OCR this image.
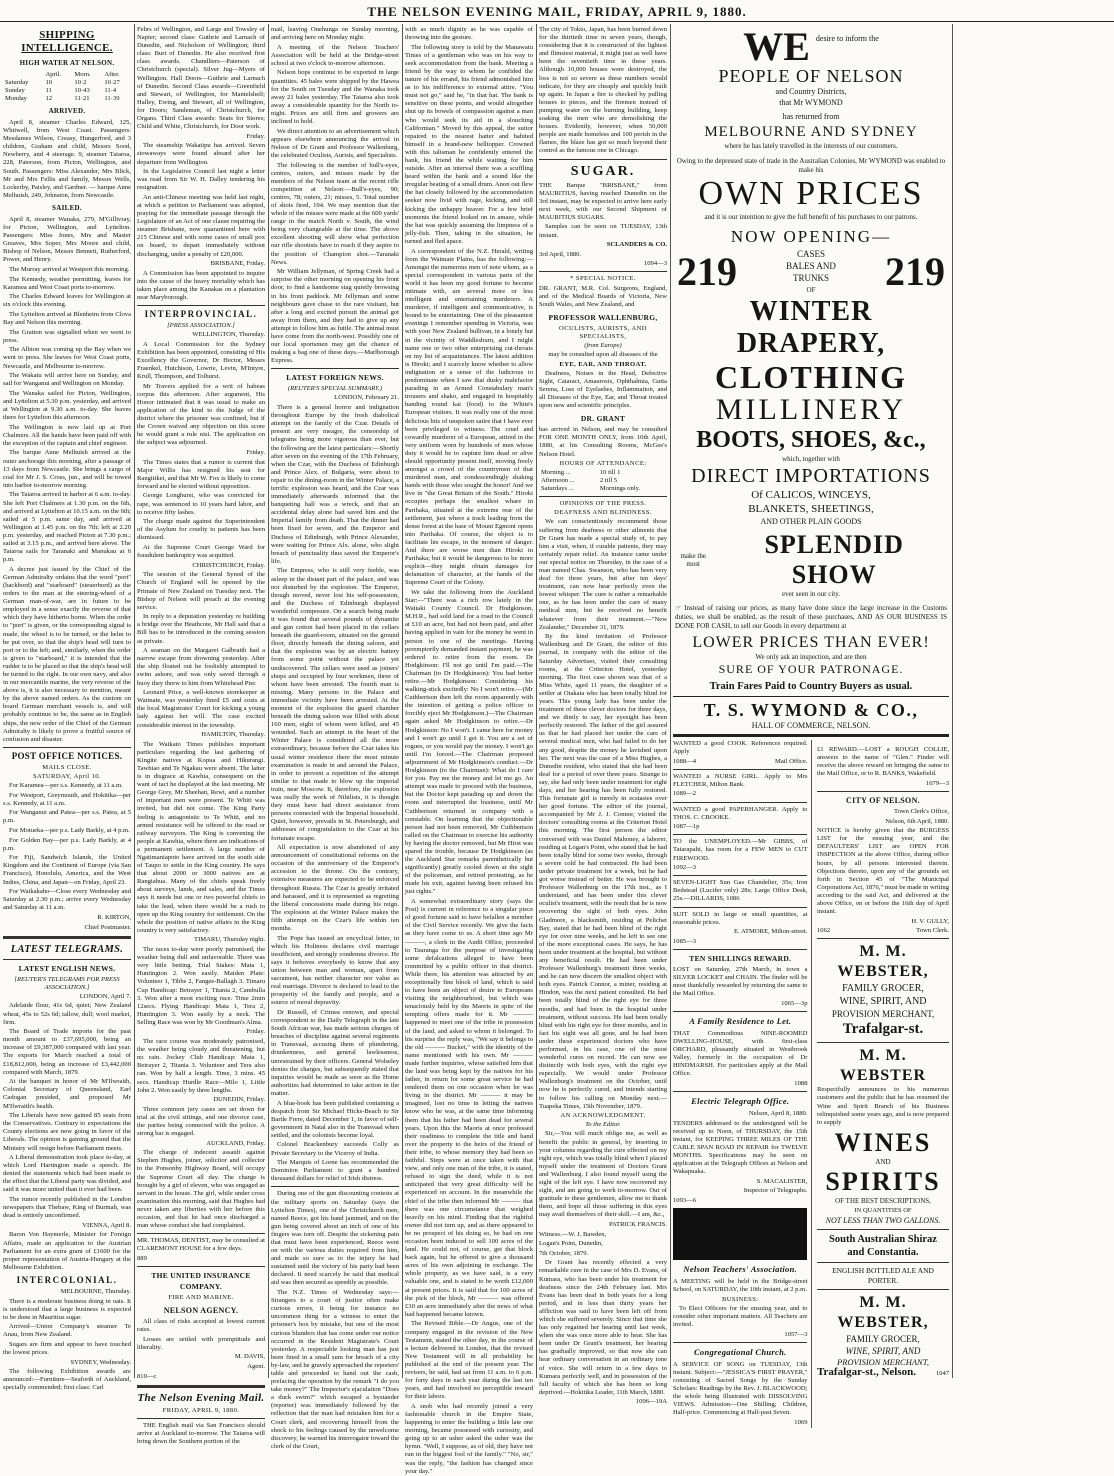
THE NELSON EVENING MAIL, FRIDAY, APRIL 9, 1880.
SHIPPING INTELLIGENCE.
HIGH WATER AT NELSON.
	April.	Morn.	After.
Saturday	10	10·2	10·27
Sunday	11	10·43	11·4
Monday	12	11·21	11·39
ARRIVED.

April 8, steamer Charles Edward, 125, Whitwell, from West Coast. Passengers: Mesdames Wilson, Creasy, Hungerford, and 3 children, Graham and child, Messrs Sood, Newberry, and 4 steerage. 9, steamer Taiaroa, 228, Paterson, from Picton, Wellington, and South. Passengers: Miss Alexander, Mrs Blick, Mr and Mrs Fellis and family, Messrs Wells, Lockerby, Paisley, and Gardner. — barque Anne Melhuish, 249, Johnston, from Newcastle.

SAILED.

April 8, steamer Wanaka, 279, M'Gillivray, for Picton, Wellington, and Lyttelton. Passengers: Miss Jones, Mrs and Master Greaves, Mrs Soper, Mrs Moore and child, Bishop of Nelson, Messrs Bennett, Rutherford, Power, and Henry.

The Murray arrived at Westport this morning.

The Kennedy, weather permitting, leaves for Karamea and West Coast ports to-morrow.

The Charles Edward leaves for Wellington at six o'clock this evening.

The Lyttelton arrived at Blenheim from Clova Bay and Nelson this morning.

The Gratton was signalled when we went to press.

The Albion was coming up the Bay when we went to press. She leaves for West Coast ports, Newcastle, and Melbourne to-morrow.

The Wakatu will arrive here on Sunday, and sail for Wanganui and Wellington on Monday.

The Wanaka sailed for Picton, Wellington, and Lyttelton at 5.30 p.m. yesterday, and arrived at Wellington at 9.30 a.m. to-day. She leaves there for Lyttelton this afternoon.

The Wellington is now laid up at Port Chalmers. All the hands have been paid off with the exception of the captain and chief engineer.

The barque Anne Melhuish arrived at the outer anchorage this morning, after a passage of 13 days from Newcastle. She brings a cargo of coal for Mr J. S. Cross, jun., and will be towed into harbor to-morrow morning.

The Taiaroa arrived in harbor at 6 a.m. to-day. She left Port Chalmers at 1.30 p.m. on the 6th, and arrived at Lyttelton at 10.15 a.m. on the 6th; sailed at 5 p.m. same day, and arrived at Wellington at 1.45 p.m. on the 7th; left at 2.20 p.m. yesterday, and reached Picton at 7.30 p.m.; sailed at 3.15 p.m., and arrived here above. The Taiaroa sails for Taranaki and Manukau at 6 p.m.

A decree just issued by the Chief of the German Admiralty ordains that the word "port" (backbord) and "starboard" (steuerbord) as the orders to the man at the steering-wheel of a German man-of-war, are in future to be employed in a sense exactly the reverse of that which they have hitherto borne. When the order to "port" is given, or the corresponding signal is made, the wheel is to be turned, or the helm to be put over, so that the ship's head will turn to port or to the left; and, similarly, when the order is given to "starboard," it is intended that the rudder is to be placed so that the ship's head will be turned to the right. In our own navy, and also in our mercantile marine, the very reverse of the above is, it is also necessary to mention, meant by the above named orders. As the custom on board German merchant vessels is, and will probably continue to be, the same as in English ships, the new order of the Chief of the German Admiralty is likely to prove a fruitful source of confusion and disaster.

POST OFFICE NOTICES.
MAILS CLOSE.
SATURDAY, April 10.

For Karamea—per s.s. Kennedy, at 11 a.m.

For Westport, Greymouth, and Hokitika—per s.s. Kennedy, at 11 a.m.

For Wanganui and Patea—per s.s. Patea, at 5 p.m.

For Motueka—per p.s. Lady Barkly, at 4 p.m.

For Golden Bay—per p.s. Lady Barkly, at 4 p.m.

For Fiji, Sandwich Islands, the United Kingdom and the Continent of Europe (via San Francisco), Honolulu, America, and the West Indies, China, and Japan—on Friday, April 23.

For Waikakaho—Close every Wednesday and Saturday at 2.30 p.m.; arrive every Wednesday and Saturday at 11 a.m.

R. KIRTON,

Chief Postmaster.

LATEST TELEGRAMS.
LATEST ENGLISH NEWS.
[REUTER'S TELEGRAMS FOR PRESS ASSOCIATION.]

LONDON, April 7.

Adelaide flour, 41s 6d, quiet; New Zealand wheat, 45s to 52s 6d; tallow, dull; wool market, firm.

The Board of Trade imports for the past month amount to £37,695,000, being an increase of £9,387,000 compared with last year. The exports for March reached a total of £18,812,000, being an increase of £3,442,000 compared with March, 1879.

At the banquet in honor of Mr M'Ilwraith, Colonial Secretary of Queensland, Earl Cadogan presided, and proposed Mr M'Ilwraith's health.

The Liberals have now gained 85 seats from the Conservatives. Contrary to expectations the County elections are now going in favor of the Liberals. The opinion is gaining ground that the Ministry will resign before Parliament meets.

A Liberal demonstration took place to-day, at which Lord Hartington made a speech. He denied the statements which had been made to the effect that the Liberal party was divided, and said it was more united than it ever had been.

The rumor recently published in the London newspapers that Thebaw, King of Burmah, was dead is entirely unconfirmed.

VIENNA, April 8.

Baron Von Haymerle, Minister for Foreign Affairs, made an application to the Austrian Parliament for an extra grant of £1600 for the proper representation of Austria-Hungary at the Melbourne Exhibition.

INTERCOLONIAL.

MELBOURNE, Thursday.

There is a moderate business doing in oats. It is understood that a large business is expected to be done in Mauritius sugar.

Arrived—Union Company's steamer Te Anau, from New Zealand.

Sugars are firm and appear to have touched the lowest prices.

SYDNEY, Wednesday.

The following Exhibition awards are announced:—Furniture—Seaforth of Auckland, specially commended; first class: Carl

Fehrs of Wellington, and Large and Towsley of Napier; second class: Guthrie and Larnach of Dunedin, and Nicholson of Wellington; third class: Burt of Dunedin. He also received first class awards. Chandliers—Paterson of Christchurch (special). Silver Jug—Myers of Wellington. Hall Doors—Guthrie and Larnach of Dunedin. Second Class awards—Greenfield and Stewart, of Wellington, for Mantelshelf; Halley, Ewing, and Stewart, all of Wellington, for Doors; Sandeman, of Christchurch, for Organs. Third Class awards: Seats for Stores; Child and White, Christchurch, for Door work.

Friday.

The steamship Wakatipu has arrived. Seven stowaways were found aboard after her departure from Wellington.

In the Legislative Council last night a letter was read from Sir W. H. Dalley tendering his resignation.

An anti-Chinese meeting was held last night, at which a petition to Parliament was adopted, praying for the immediate passage through the Legislature of an Act of one clause requiring the steamer Brisbane, now quarantined here with 215 Chinese and with some cases of small pox on board, to depart immediately without discharging, under a penalty of £20,000.

BRISBANE, Friday.

A Commission has been appointed to inquire into the cause of the heavy mortality which has taken place among the Kanakas on a plantation near Maryborough.

INTERPROVINCIAL.
[PRESS ASSOCIATION.]

WELLINGTON, Thursday.

A Local Commission for the Sydney Exhibition has been appointed, consisting of His Excellency the Governor, Dr Hector, Messrs Fraenkel, Hutchison, Lowrie, Levin, M'Intyre, Krull, Thompson, and Tolhurst.

Mr Travers applied for a writ of habeas corpus this afternoon. After argument, His Honor intimated that it was usual to make an application of the kind to the Judge of the district where the prisoner was confined, but if the Crown waived any objection on this score he would grant a rule nisi. The application on the subject was adjourned.

Friday.

The Times states that a rumor is current that Major Willis has resigned his seat for Rangitikei, and that Mr W. Fox is likely to come forward and be elected without opposition.

George Longhurst, who was convicted for rape, was sentenced to 10 years hard labor, and to receive fifty lashes.

The charge made against the Superintendent of the Asylum for cruelty to patients has been dismissed.

At the Supreme Court George Ward for fraudulent bankruptcy was acquitted.

CHRISTCHURCH, Friday.

The session of the General Synod of the Church of England will be opened by the Primate of New Zealand on Tuesday next. The Bishop of Nelson will preach at the evening service.

In reply to a deputation yesterday re building a bridge over the Heathcote, Mr Hall said that a Bill has to be introduced in the coming session as private.

A seaman on the Margaret Galbraith had a narrow escape from drowning yesterday. After the ship floated out he foolishly attempted to swim ashore, and was only saved through a buoy they threw to him from Whitehead Pier.

Leonard Price, a well-known storekeeper at Waimate, was yesterday fined £5 and costs at the local Magistrates' Court for kicking a young lady against her will. The case excited considerable interest in the township.

HAMILTON, Thursday.

The Waikato Times publishes important particulars regarding the last gathering of Kingite natives at Kopua and Hikurangi. Tawhiao and Te Ngakau were absent. The latter is in disgrace at Kawhia, consequent on the want of tact he displayed at the last meeting. Mr George Grey, Mr Sheehan, Rewi, and a number of important men were present. Te Whiti was invited, but did not come. The King Party feeling is antagonistic to Te Whiti, and no armed resistance will be offered to the road or railway surveyors. The King is convening the people at Kawhia, where there are indications of a permanent settlement. A large number of Ngatimaniapoto have arrived on the south side of Taupo to settle in the King country. He says that about 2000 or 3000 natives are at Rangiahua. Many of the chiefs speak freely about surveys, lands, and sales, and the Times says it needs but one or two powerful chiefs to take the lead, when there would be a rush to open up the King country for settlement. On the whole the position of native affairs in the King country is very satisfactory.

TIMARU, Thursday night.

The races to-day were poorly patronised, the weather being dull and unfavorable. There was very little betting. Trial Stakes: Mata 1, Huntington 2. Won easily. Maiden Plate: Volunteer 1, Tibbs 2, Fangee-Ballagh 3. Timaru Cup Handicap: Betrayer 1, Titania 2, Cambulla 3. Won after a most exciting race. Time 2min 12secs. Flying Handicap: Mata 1, Tera 2, Huntington 3. Won easily by a neck. The Selling Race was won by Mr Goodman's Alma.

Friday.

The race course was moderately patronised, the weather being cloudy and threatening, but no rain. Jockey Club Handicap: Mata 1, Betrayer 2, Titania 3. Volunteer and Tera also ran. Won by half a length. Time, 3 mins. 45 secs. Handicap Hurdle Race—Milo 1, Little John 2. Won easily by three lengths.

DUNEDIN, Friday.

Three common jury cases are set down for trial at the civil sittings, and one divorce case, the parties being connected with the police. A strong bar is engaged.

AUCKLAND, Friday.

The charge of indecent assault against Stephen Hughes, joiner, solicitor and collector to the Ponsonby Highway Board, will occupy the Supreme Court all day. The charge is brought by a girl of eleven, who was engaged as servant in the house. The girl, while under cross examination this morning, said that Hughes had never taken any liberties with her before this occasion, and that he had once discharged a man whose conduct she had complained.

MR. THOMAS, DENTIST, may be consulted at CLAREMONT HOUSE for a few days.

889

THE UNITED INSURANCE COMPANY.
FIRE AND MARINE.
NELSON AGENCY.

All class of risks accepted at lowest current rates.

Losses are settled with promptitude and liberality.

M. DAVIS,

Agent.

810—c

The Nelson Evening Mail.
FRIDAY, APRIL 9, 1880.

THE English mail via San Francisco should arrive at Auckland to-morrow. The Taiaroa will bring down the Southern portion of the

mail, leaving Onehunga on Sunday morning, and arriving here on Monday night.

A meeting of the Nelson Teachers' Association will be held at the Bridge-street school at two o'clock to-morrow afternoon.

Nelson hops continue to be exported in large quantities. 45 bales were shipped by the Hawea for the South on Tuesday and the Wanaka took away 21 bales yesterday. The Taiaroa also took away a considerable quantity for the North to-night. Prices are still firm and growers are inclined to hold.

We direct attention to an advertisement which appears elsewhere announcing the arrival in Nelson of Dr Grant and Professor Wallenburg, the celebrated Oculists, Aurists, and Specialists.

The following is the number of bull's-eyes, centres, outers, and misses made by the members of the Nelson team at the recent rifle competition at Nelson:—Bull's-eyes, 90; centres, 78; outers, 21; misses, 5. Total number of shots fired, 194. We may mention that the whole of the misses were made at the 600 yards' range in the match North v. South, the wind being very changeable at the time. The above excellent shooting will show what perfection our rifle shootists have to reach if they aspire to the position of Champion shot.—Taranaki News.

Mr William Jellyman, of Spring Creek had a surprise the other morning on opening his front door, to find a handsome stag quietly browsing in his front paddock. Mr Jellyman and some neighbours gave chase to the rare visitant, but after a long and excited pursuit the animal got away from them, and they had to give up any attempt to follow him as futile. The animal must have come from the north-west. Possibly one of our local sportsmen may get the chance of making a bag one of these days.—Marlborough Express.

LATEST FOREIGN NEWS.
(REUTER'S SPECIAL SUMMARY.)

LONDON, February 21.

There is a general horror and indignation throughout Europe by the fresh diabolical attempt on the family of the Czar. Details of present are very meagre, the censorship of telegrams being more vigorous than ever, but the following are the latest particulars:—Shortly after seven on the evening of the 17th February, when the Czar, with the Duchess of Edinburgh and Prince Alex. of Bulgaria, were about to repair to the dining-room in the Winter Palace, a terrific explosion was heard, and the Czar was immediately afterwards informed that the banqueting hall was a wreck, and that an accidental delay alone had saved him and the Imperial family from death. That the dinner had been fixed for seven, and the Emperor and Duchess of Edinburgh, with Prince Alexander, were waiting for Prince Alx. alone, who slight breach of punctuality thus saved the Emperor's life.

The Empress, who is still very feeble, was asleep in the distant part of the palace, and was not disturbed by the explosion. The Emperor, though moved, never lost his self-possession, and the Duchess of Edinburgh displayed wonderful composure. On a search being made it was found that several pounds of dynamite and gun cotton had been placed in the cellars beneath the guard-room, situated on the ground floor, directly beneath the dining saloon, and that the explosion was by an electric battery from some point without the palace yet undiscovered. The cellars were used as joiners' shops and occupied by four workmen, three of whom have been arrested. The fourth man is missing. Many persons in the Palace and immediate vicinity have been arrested. At the moment of the explosion the guard chamber beneath the dining saloon was filled with about 160 men, eight of whom were killed, and 45 wounded. Such an attempt in the heart of the Winter Palace is considered all the more extraordinary, because before the Czar takes his usual winter residence there the most minute examination is made in and around the Palace, in order to prevent a repetition of the attempt similar to that made to blow up the imperial train, near Moscow. It, therefore, the explosion was really the work of Nihilists, it is thought they must have had direct assistance from persons connected with the Imperial household. Quiet, however, prevails in St. Petersburgh, and addresses of congratulation to the Czar at his fortunate escape.

All expectation is now abandoned of any announcement of constitutional reforms on the occasion of the anniversary of the Emperor's accession to the throne. On the contrary, extensive measures are expected to be enforced throughout Russia. The Czar is greatly irritated and harassed, and it is represented as regretting the liberal concessions made during his reign. The explosion at the Winter Palace makes the fifth attempt on the Czar's life within ten months.

The Pope has issued an encyclical letter, in which his Holiness declares civil marriage insufficient, and strongly condemns divorce. He says it behoves everybody to know that any union between man and woman, apart from sacrament, has neither character nor value as real marriage. Divorce is declared to lead to the prosperity of the family and people, and a source of moral depravity.

Dr Russell, of Crimea renown, and special correspondent to the Daily Telegraph in the late South African war, has made serious charges of breaches of discipline against several regiments in Transvaal, accusing them of plundering, drunkenness, and general lawlessness, unrestrained by their officers. General Wolseley denies the charges, but subsequently stated that inquiries would be made as soon as the Home authorities had determined to take action in the matter.

A blue-book has been published containing a despatch from Sir Michael Hicks-Beach to Sir Bartle Frere, dated December 1, in favor of self-government in Natal also in the Transvaal when settled, and the colonists become loyal.

Colonel Brackenbury succeeds Colly as Private Secretary to the Viceroy of India.

The Marquis of Lorne has recommended the Dominion Parliament to grant a hundred thousand dollars for relief of Irish distress.

During one of the gun discounting contests at the military sports on Saturday (says the Lyttelton Times), one of the Christchurch men, named Reece, got his hand jammed, and on the gun being covered about an inch of one of his fingers was torn off. Despite the sickening pain that must have been experienced, Reece went on with the various duties required from him, and made so sure as to the injury he had sustained until the victory of his party had been declared. It need scarcely be said that medical aid was then secured as speedily as possible.

The N.Z. Times of Wednesday says:—Strangers to a court of justice often make curious errors, it being for instance no uncommon thing for a witness to enter the prisoner's box by mistake, but one of the most curious blunders that has come under our notice occurred in the Resident Magistrate's Court yesterday. A respectable looking man has just been fined in a small sum for breach of a city by-law, and he gravely approached the reporters' table and proceeded to hand out the cash, prefacing the operation by the remark "I do you take money?" The Inspector's ejaculation "Does a duck swim?" which escaped a bystander (reporter) was immediately followed by the reflection that the man had mistaken him for a Court clerk, and recovering himself from the shock to his feelings caused by the unwelcome discovery, he warned his interrogator toward the clerk of the Court,

with as much dignity as he was capable of throwing into the gesture.

The following story is told by the Manawatu Times of a gentleman who was on his way to seek accommodation from the bank. Meeting a friend by the way to whom he confided the nature of his errand, his friend admonished him as to his indifference to external attire. "You must not go," said he, "in that hat. The bank is sensitive on these points, and would altogether shut up its bowels of compassion against a man who would seek its aid in a slouching Californian." Moved by this appeal, the suitor repaired to the nearest hatter and habited himself in a brand-new belltopper. Crowned with this talisman he confidently entered the bank, his friend the while waiting for him outside. After an interval there was a scuffling heard within the bank and a sound like the irregular beating of a small drum. Anon out flew the hat closely followed by the accommodation seeker now livid with rage, kicking, and still kicking the unhappy beaver. For a few brief moments the friend looked on in amaze, while the hat was quickly assuming the limpness of a jelly-fish. Then, taking in the situation, he turned and fled apace.

A correspondent of the N.Z. Herald, writing from the Waimate Plains, has the following:—Amongst the numerous men of note whom, as a special correspondent in various parts of the world it has been my good fortune to become intimate with, are several more or less intelligent and entertaining murderers. A murderer, if intelligent and communicative, is bound to be entertaining. One of the pleasantest evenings I remember spending in Victoria, was with your New Zealand bullivan, in a lonely hut in the vicinity of Waddlesburn, and I might name one or two other enterprising cut-throats on my list of acquaintances. The latest addition is Hiroki; and I scarcely know whether to allow indignation or a sense of the ludicrous to predominate when I saw that dusky malefactor parading in an Armed Constabulary man's trousers and shako, and engaged in hospitably handing round kai (food) to the White's European visitors. It was really one of the most delicious bits of unspoken satire that I have ever been privileged to witness. The cruel and cowardly murderer of a European, attired in the very uniform worn by hundreds of men whose duty it would be to capture him dead or alive should opportunity present itself, moving freely amongst a crowd of the countrymen of that murdered man, and condescendingly shaking hands with those who sought the honor! And we live in "the Great Britain of the South." Hiroki occupies perhaps the smallest whare in Parihaka, situated at the extreme rear of the settlement, just where a track leading from the dense forest at the base of Mount Egmont opens into Parihaka. Of course, the object is to facilitate his escape, in the moment of danger. And there are worse men than Hiroki in Parihaka; but it would be dangerous to be more explicit—they might obtain damages for defamation of character, at the hands of the Supreme Court of the Colony.

We take the following from the Auckland Star:—"There was a rich row lately in the Waitaki County Council. Dr Hodgkinson, M.H.R., had sold land for a road to the Council at £10 an acre, but had not been paid, and after having applied in vain for the money he went in person to one of the meetings. Having peremptorily demanded instant payment, he was ordered to retire from the room. Dr Hodgkinson: I'll not go until I'm paid.—The Chairman (to Dr Hodgkinson): You had better retire.—Mr Hodgkinson: Considering his walking-stick excitedly: No I won't retire.—(Mr Cuthbertson then left the room apparently with the intention of getting a police officer to forcibly eject Mr Hodgkinson.)—The Chairman again asked Mr Hodgkinson to retire.—Dr Hodgkinson: No I won't. I came here for money and I won't go until I get it. You are a set of rogues, or you would pay the money. I won't go until I'm forced.—The Chairman proposed adjournment of Mr Hodgkinson's conduct.—Dr Hodgkinson (to the Chairman): What do I care for you. Pay me the money and let me go. An attempt was made to proceed with the business, but the Doctor kept parading up and down the room and interrupted the business, until Mr Cuthbertson returned in company with a constable. On learning that the objectionable person had not been removed, Mr Cuthbertson called on the Chairman to exercise his authority by having the doctor removed, but Mr Hirst was spared the trouble, because Dr Hodgkinson (as the Auckland Star remarks parenthetically but significantly) greatly cooled down at the sight of the policeman, and retired protesting, as he made his exit, against having been refused his just rights."

A somewhat extraordinary story (says the Post) is current in reference to a singular piece of good fortune said to have befallen a member of the Civil Service recently. We give the facts as they have come to us. A short time ago Mr ———, a clerk in the Audit Office, proceeded to Tauranga for the purpose of investigating some defalcations alleged to have been committed by a public officer in that district. While there, his attention was attracted by an exceptionally fine block of land, which is said to have been an object of desire to Europeans visiting the neighbourhood, but which was tenaciously held by the Maoris in spite of the tempting offers made for it. Mr ——— happened to meet one of the tribe in possession of the land, and asked to whom it belonged. To his surprise the reply was, "We say it belongs to the old ——— Bucket," with the identity of the name mentioned with his own. Mr ——— made further inquiries, whose satisfied him that the land was being kept by the natives for his father, in return for some great service he had rendered them on one occasion when he was living in the district. Mr ——— it may be imagined, lost no time in letting the natives know who he was, at the same time informing them that his father had been dead for several years. Upon this the Maoris at once professed their readiness to complete the title and hand over the property to the heirs of the friend of their tribe, to whose memory they had been so faithful. Steps were at once taken with that view, and only one man of the tribe, it is stated, refused to sign the deed, while it is not anticipated that very great difficulty will be experienced on account. In the meanwhile the chief of the tribe then informed Mr ——— that there was one circumstance that weighed heavily on his mind. Finding that the rightful owner did not turn up, and as there appeared to be no prospect of his doing so, he had on one occasion been induced to sell 100 acres of the land. He could not, of course, get that block back again, but he offered to give a thousand acres of his own adjoining in exchange. The whole property, as we have said, is a very valuable one, and is stated to be worth £12,000 at present prices. It is said that for 100 acres of the pick of the block, Mr ——— was offered £30 an acre immediately after the news of what had happened became known.

The Revised Bible.—Dr Angus, one of the company engaged in the revision of the New Testament, stated the other day, in the course of a lecture delivered in London, that the revised New Testament will in all probability be published at the end of the present year. The revisers, he said, had sat from 11 a.m. to 6 p.m. for forty days in each year during the last ten years, and had involved no perceptible reward for their labors.

A snob who had recently joined a very fashionable church in the Empire State, happening to enter the building a little late one morning, became possessed with curiosity, and going up to an usher asked the usher was the hymn. "Well, I suppose, as of old, they have not run in the biggest fool of the family." "No, sir," was the reply, "the fashion has changed since your day."

The city of Tokio, Japan, has been burned down for the thirtieth time in seven years, though, considering that it is constructed of the lightest and flimsiest material, it might just as well have been the seventieth time in these years. Although 10,000 houses were destroyed, the loss is not so severe as these numbers would indicate, for they are cheaply and quickly built up again. In Japan a fire is checked by pulling houses to pieces, and the firemen instead of pumping water on the burning building, keep soaking the men who are demolishing the houses. Evidently, however, when 50,000 people are made homeless and 100 perish in the flames, the blaze has got so much beyond their control as the famous one in Chicago.

SUGAR.

THE Barque "BRISBANE," from MAURITIUS, having reached Dunedin on the 3rd instant, may be expected to arrive here early next week, with our Second Shipment of MAURITIUS SUGARS.

Samples can be seen on TUESDAY, 13th instant.

SCLANDERS & CO.

3rd April, 1880.

1094—3

* SPECIAL NOTICE.

DR. GRANT, M.R. Col. Surgeons, England, and of the Medical Boards of Victoria, New South Wales, and New Zealand, and

PROFESSOR WALLENBURG,
OCULISTS, AURISTS, AND SPECIALISTS,
(from Europe)

may be consulted upon all diseases of the

EYE, EAR, AND THROAT.

Deafness, Noises in the Head, Defective Sight, Cataract, Amaurosis, Ophthalmia, Gutta Serena, Loss of Eyelashes, Inflammation, and all Diseases of the Eye, Ear, and Throat treated upon new and scientific principles.

DR. GRANT

has arrived in Nelson, and may be consulted FOR ONE MONTH ONLY, from 10th April, 1880, at his Consulting Rooms, McGee's Nelson Hotel.

HOURS OF ATTENDANCE:
Morning ...	10 till 1
Afternoon ...	2 till 5
Saturdays ...	Mornings only.
OPINIONS OF THE PRESS.
DEAFNESS AND BLINDNESS.

We can conscientiously recommend those suffering from deafness or other ailments that Dr Grant has made a special study of, to pay him a visit, when, if curable patients, they may certainly repair relief. An instance came under our special notice on Thursday, in the case of a man named Chas. Swanson, who has been very deaf for three years, but after ten days' treatment, can now hear perfectly even the lowest whisper. The cure is rather a remarkable one, as he has been under the care of many medical men, but he received no benefit whatever from their treatment.—"New Zealander," December 31, 1879.

By the kind invitation of Professor Wallenburg and Dr Grant, the editor of this journal, in company with the editor of the Saturday Advertiser, visited their consulting rooms, at the Criterion Hotel, yesterday morning. The first case shown was that of a Miss White, aged 11 years, the daughter of a settler at Otakaia who has been totally blind for years. This young lady has been under the treatment of these clever doctors for three days, and we dimly to say, her eyesight has been perfectly restored. The father of the girl assured us that he had placed her under the care of several medical men, who had failed to do her any good, despite the money he lavished upon her. The next was the case of a Miss Hughes, a Dunedin resident, who stated that she had been deaf for a period of over three years. Strange to say, she had only been under treatment for eight days, and her hearing has been fully restored. This fortunate girl is merely in ecstasies over her good fortune. The editor of the journal, accompanied by Mr J. J. Connor, visited the doctors' consulting rooms at the Criterion Hotel this morning. The first person the editor conversed with was Daniel Mahoney, a laborer, residing at Logan's Point, who stated that he had been totally blind for some two weeks, through a severe cold he had contracted. He had been under private treatment for a week, but he had got worse instead of better. He was brought to Professor Wallenburg on the 17th inst., as I understand, and has been under this clever oculist's treatment, with the result that he is now recovering the sight of both eyes. John Gladmore, a blacksmith, residing at Pelichet Bay, stated that he had been blind of the right eye for over nine weeks, and he left to see one of the more exceptional cases. He says, he has been under treatment at the hospital, but without any beneficial result. He had been under Professor Wallenburg's treatment three weeks, and he can now discern the smallest object with both eyes. Patrick Connor, a miner, residing at Hindon, was the next patient consulted. He had been totally blind of the right eye for three months, and had been in the hospital under treatment, without success. He had been totally blind with his right eye for three months, and in fact his sight was all gone, and he had been under these experienced doctors who have performed, in his case, one of the most wonderful cures on record. He can now see distinctly with both eyes, with the right eye especially. We would under Professor Wallenburg's treatment on the October, until now he is perfectly cured, and intends starting to follow his calling on Monday next.—Tuapeka Times, 15th November, 1879.

AN ACKNOWLEDGMENT.
To the Editor.

Sir,—You will much oblige me, as well as benefit the public in general, by inserting in your columns regarding the cure effected on my right eye, which was totally blind when I placed myself under the treatment of Doctors Grant and Wallenburg. I also found myself using the sight of the left eye. I have now recovered my sight, and am going to work to-morrow. Out of gratitude to these gentlemen, allow me to thank them, and hope all those suffering in this eyes may avail themselves of their skill.—I am, &c.,

PATRICK FRANCIS.

Witness.—W. J. Bawden,

Logan's Point, Dunedin,

7th October, 1879.

Dr Grant has recently effected a very remarkable cure in the case of Mrs D. Evans, of Kumara, who has been under his treatment for deafness since the 24th February last. Mrs Evans has been deaf in both years for a long period, and in less than thirty years her affliction was said to have been left off from which she suffered severely. Since that time she has only regained her hearing until last week, when she was once more able to hear. She has been under Dr Grant's treatment, her hearing has gradually improved, so that now she can hear ordinary conversation in an ordinary tone of voice. She will return in a few days to Kumara perfectly well, and in possession of the full faculty of which she has been so long deprived.—Hokitika Leader, 11th March, 1880.

1096—19A

WE desire to inform the
PEOPLE OF NELSON
and Country Districts,
that Mr WYMOND
has returned from
MELBOURNE AND SYDNEY
where he has lately travelled in the interests of our customers.
Owing to the depressed state of trade in the Australian Colonies, Mr WYMOND was enabled to make his
OWN PRICES
and it is our intention to give the full benefit of his purchases to our patrons.
NOW OPENING—
219	CASES
BALES AND
TRUNKS
OF	219
WINTER DRAPERY,
CLOTHING
MILLINERY
BOOTS, SHOES, &c.,
which, together with
DIRECT IMPORTATIONS
Of CALICOS, WINCEYS,
BLANKETS, SHEETINGS,
AND OTHER PLAIN GOODS
make the most
SPLENDID SHOW
ever seen in our city.
☞ Instead of raising our prices, as many have done since the large increase in the Customs duties, we shall be enabled, as the result of these purchases, AND AS OUR BUSINESS IS DONE FOR CASH, to sell our Goods in every department at
LOWER PRICES THAN EVER!
We only ask an inspection, and are then
SURE OF YOUR PATRONAGE.
Train Fares Paid to Country Buyers as usual.
T. S. WYMOND & CO.,
HALL OF COMMERCE, NELSON.

WANTED a good COOK. References required. Apply

1088—4	Mail Office.

WANTED a NURSE GIRL. Apply to Mrs FLETCHER, Milton Bank.

1089—2

WANTED a good PAPERHANGER. Apply to THOS. C. CROOKE.

1087—1p

TO the UNEMPLOYED.—Mr GIBBS, of Tatarapahi, has room for a FEW MEN to CUT FIREWOOD.

1092—3

SEVEN-LIGHT Sun Gas Chandelier, 35s; Iron Bedstead (Lucifer only) 28s; Large Office Desk, 25s.—DILLARDS, 1086

SUIT SOLD in large or small quantities, at reasonable prices.

E. ATMORE, Milton-street.

1085—3

TEN SHILLINGS REWARD.

LOST on Saturday, 27th March, in town a SILVER LOCKET and CHAIN. The finder will be most thankfully rewarded by returning the same to the Mail Office.

1065—3p

A Family Residence to Let.

THAT Commodious NINE-ROOMED DWELLING-HOUSE, with first-class ORCHARD, pleasantly situated in Westbrook Valley, formerly in the occupation of Dr HINDMARSH. For particulars apply at the Mail Office.

1088

Electric Telegraph Office.

Nelson, April 8, 1880.

TENDERS addressed to the undersigned will be received up to Noon, of THURSDAY, the 15th instant, for KEEPING THREE MILES OF THE CABLE SPAN ROAD IN REPAIR for TWELVE MONTHS. Specifications may be seen on application at the Telegraph Offices at Nelson and Wakapuaka.

S. MACALISTER,

Inspector of Telegraphs.

1093—6

Nelson Teachers' Association.

A MEETING will be held in the Bridge-street School, on SATURDAY, the 10th instant, at 2 p.m.

BUSINESS:

To Elect Officers for the ensuing year, and to consider other important matters. All Teachers are invited.

1057—3

Congregational Church.

A SERVICE OF SONG on TUESDAY, 13th instant. Subject:—"JESSICA'S FIRST PRAYER," consisting of Sacred Songs by the Sunday Scholars: Readings by the Rev. J. BLACKWOOD; the whole being illustrated with DISSOLVING VIEWS. Admission—One Shilling; Children, Half-price. Commencing at Half-past Seven.

1069

£1 REWARD.—LOST a ROUGH COLLIE, answers to the name of "Glen." Finder will receive the above reward on bringing the same to the Mail Office, or to R. BANKS, Wakefield.

1079—3

CITY OF NELSON.

Town Clerk's Office,

Nelson, 6th April, 1880.

NOTICE is hereby given that the BURGESS LIST for the ensuing year, and the DEFAULTERS' LIST are OPEN FOR INSPECTION at the above Office, during office hours, by all persons interested therein. Objections thereto, upon any of the grounds set forth in Section 45 of "The Municipal Corporations Act, 1876," must be made in writing according to the said Act, and delivered at the above Office, on or before the 16th day of April instant.

H. V. GULLY,

1062	Town Clerk.

M. M. WEBSTER,
FAMILY GROCER,
WINE, SPIRIT, AND
PROVISION MERCHANT,
Trafalgar-st.
M. M. WEBSTER

Respectfully announces to his numerous customers and the public that he has resumed the Wine and Spirit Branch of his Business relinquished some years ago, and is now prepared to supply

WINES
AND
SPIRITS
OF THE BEST DESCRIPTIONS,
IN QUANTITIES OF
NOT LESS THAN TWO GALLONS.
South Australian Shiraz
and Constantia.
ENGLISH BOTTLED ALE AND
PORTER.
M. M. WEBSTER,
FAMILY GROCER,
WINE, SPIRIT, AND
PROVISION MERCHANT,
Trafalgar-st., Nelson.	1047
